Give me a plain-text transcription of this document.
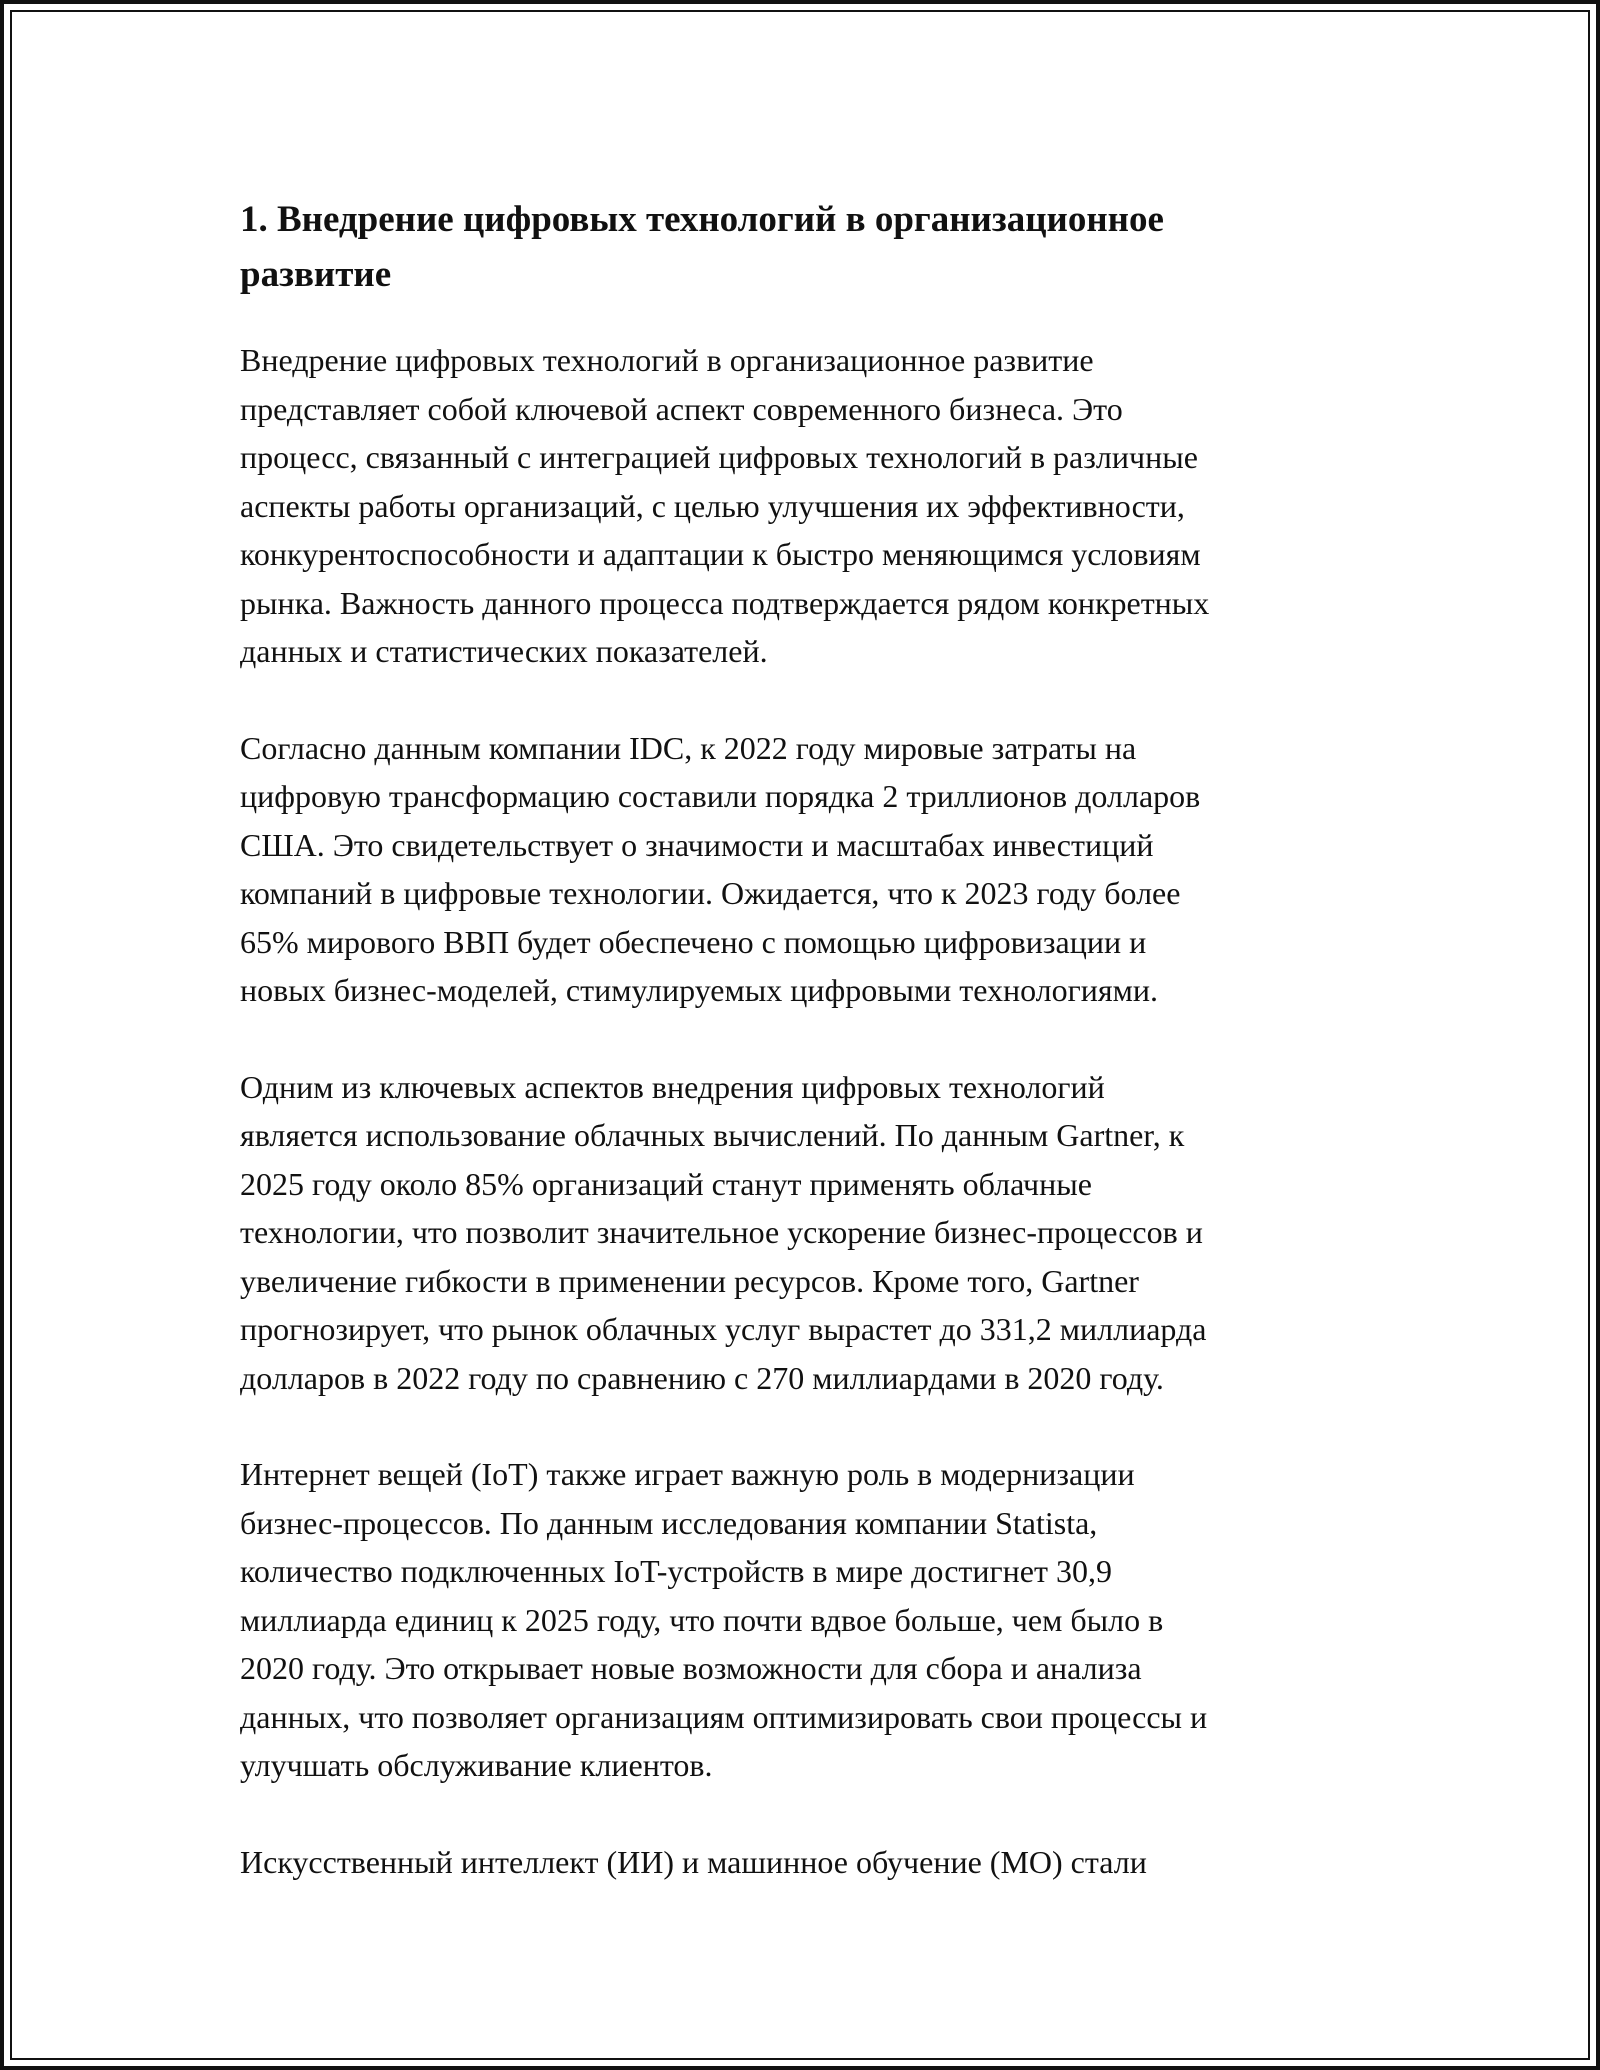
1. Внедрение цифровых технологий в организационное
развитие

Внедрение цифровых технологий в организационное развитие
представляет собой ключевой аспект современного бизнеса. Это
процесс, связанный с интеграцией цифровых технологий в различные
аспекты работы организаций, с целью улучшения их эффективности,
конкурентоспособности и адаптации к быстро меняющимся условиям
рынка. Важность данного процесса подтверждается рядом конкретных
данных и статистических показателей.

Согласно данным компании IDC, к 2022 году мировые затраты на
цифровую трансформацию составили порядка 2 триллионов долларов
США. Это свидетельствует о значимости и масштабах инвестиций
компаний в цифровые технологии. Ожидается, что к 2023 году более
65% мирового ВВП будет обеспечено с помощью цифровизации и
новых бизнес-моделей, стимулируемых цифровыми технологиями.

Одним из ключевых аспектов внедрения цифровых технологий
является использование облачных вычислений. По данным Gartner, к
2025 году около 85% организаций станут применять облачные
технологии, что позволит значительное ускорение бизнес-процессов и
увеличение гибкости в применении ресурсов. Кроме того, Gartner
прогнозирует, что рынок облачных услуг вырастет до 331,2 миллиарда
долларов в 2022 году по сравнению с 270 миллиардами в 2020 году.

Интернет вещей (IoT) также играет важную роль в модернизации
бизнес-процессов. По данным исследования компании Statista,
количество подключенных IoT-устройств в мире достигнет 30,9
миллиарда единиц к 2025 году, что почти вдвое больше, чем было в
2020 году. Это открывает новые возможности для сбора и анализа
данных, что позволяет организациям оптимизировать свои процессы и
улучшать обслуживание клиентов.

Искусственный интеллект (ИИ) и машинное обучение (МО) стали
